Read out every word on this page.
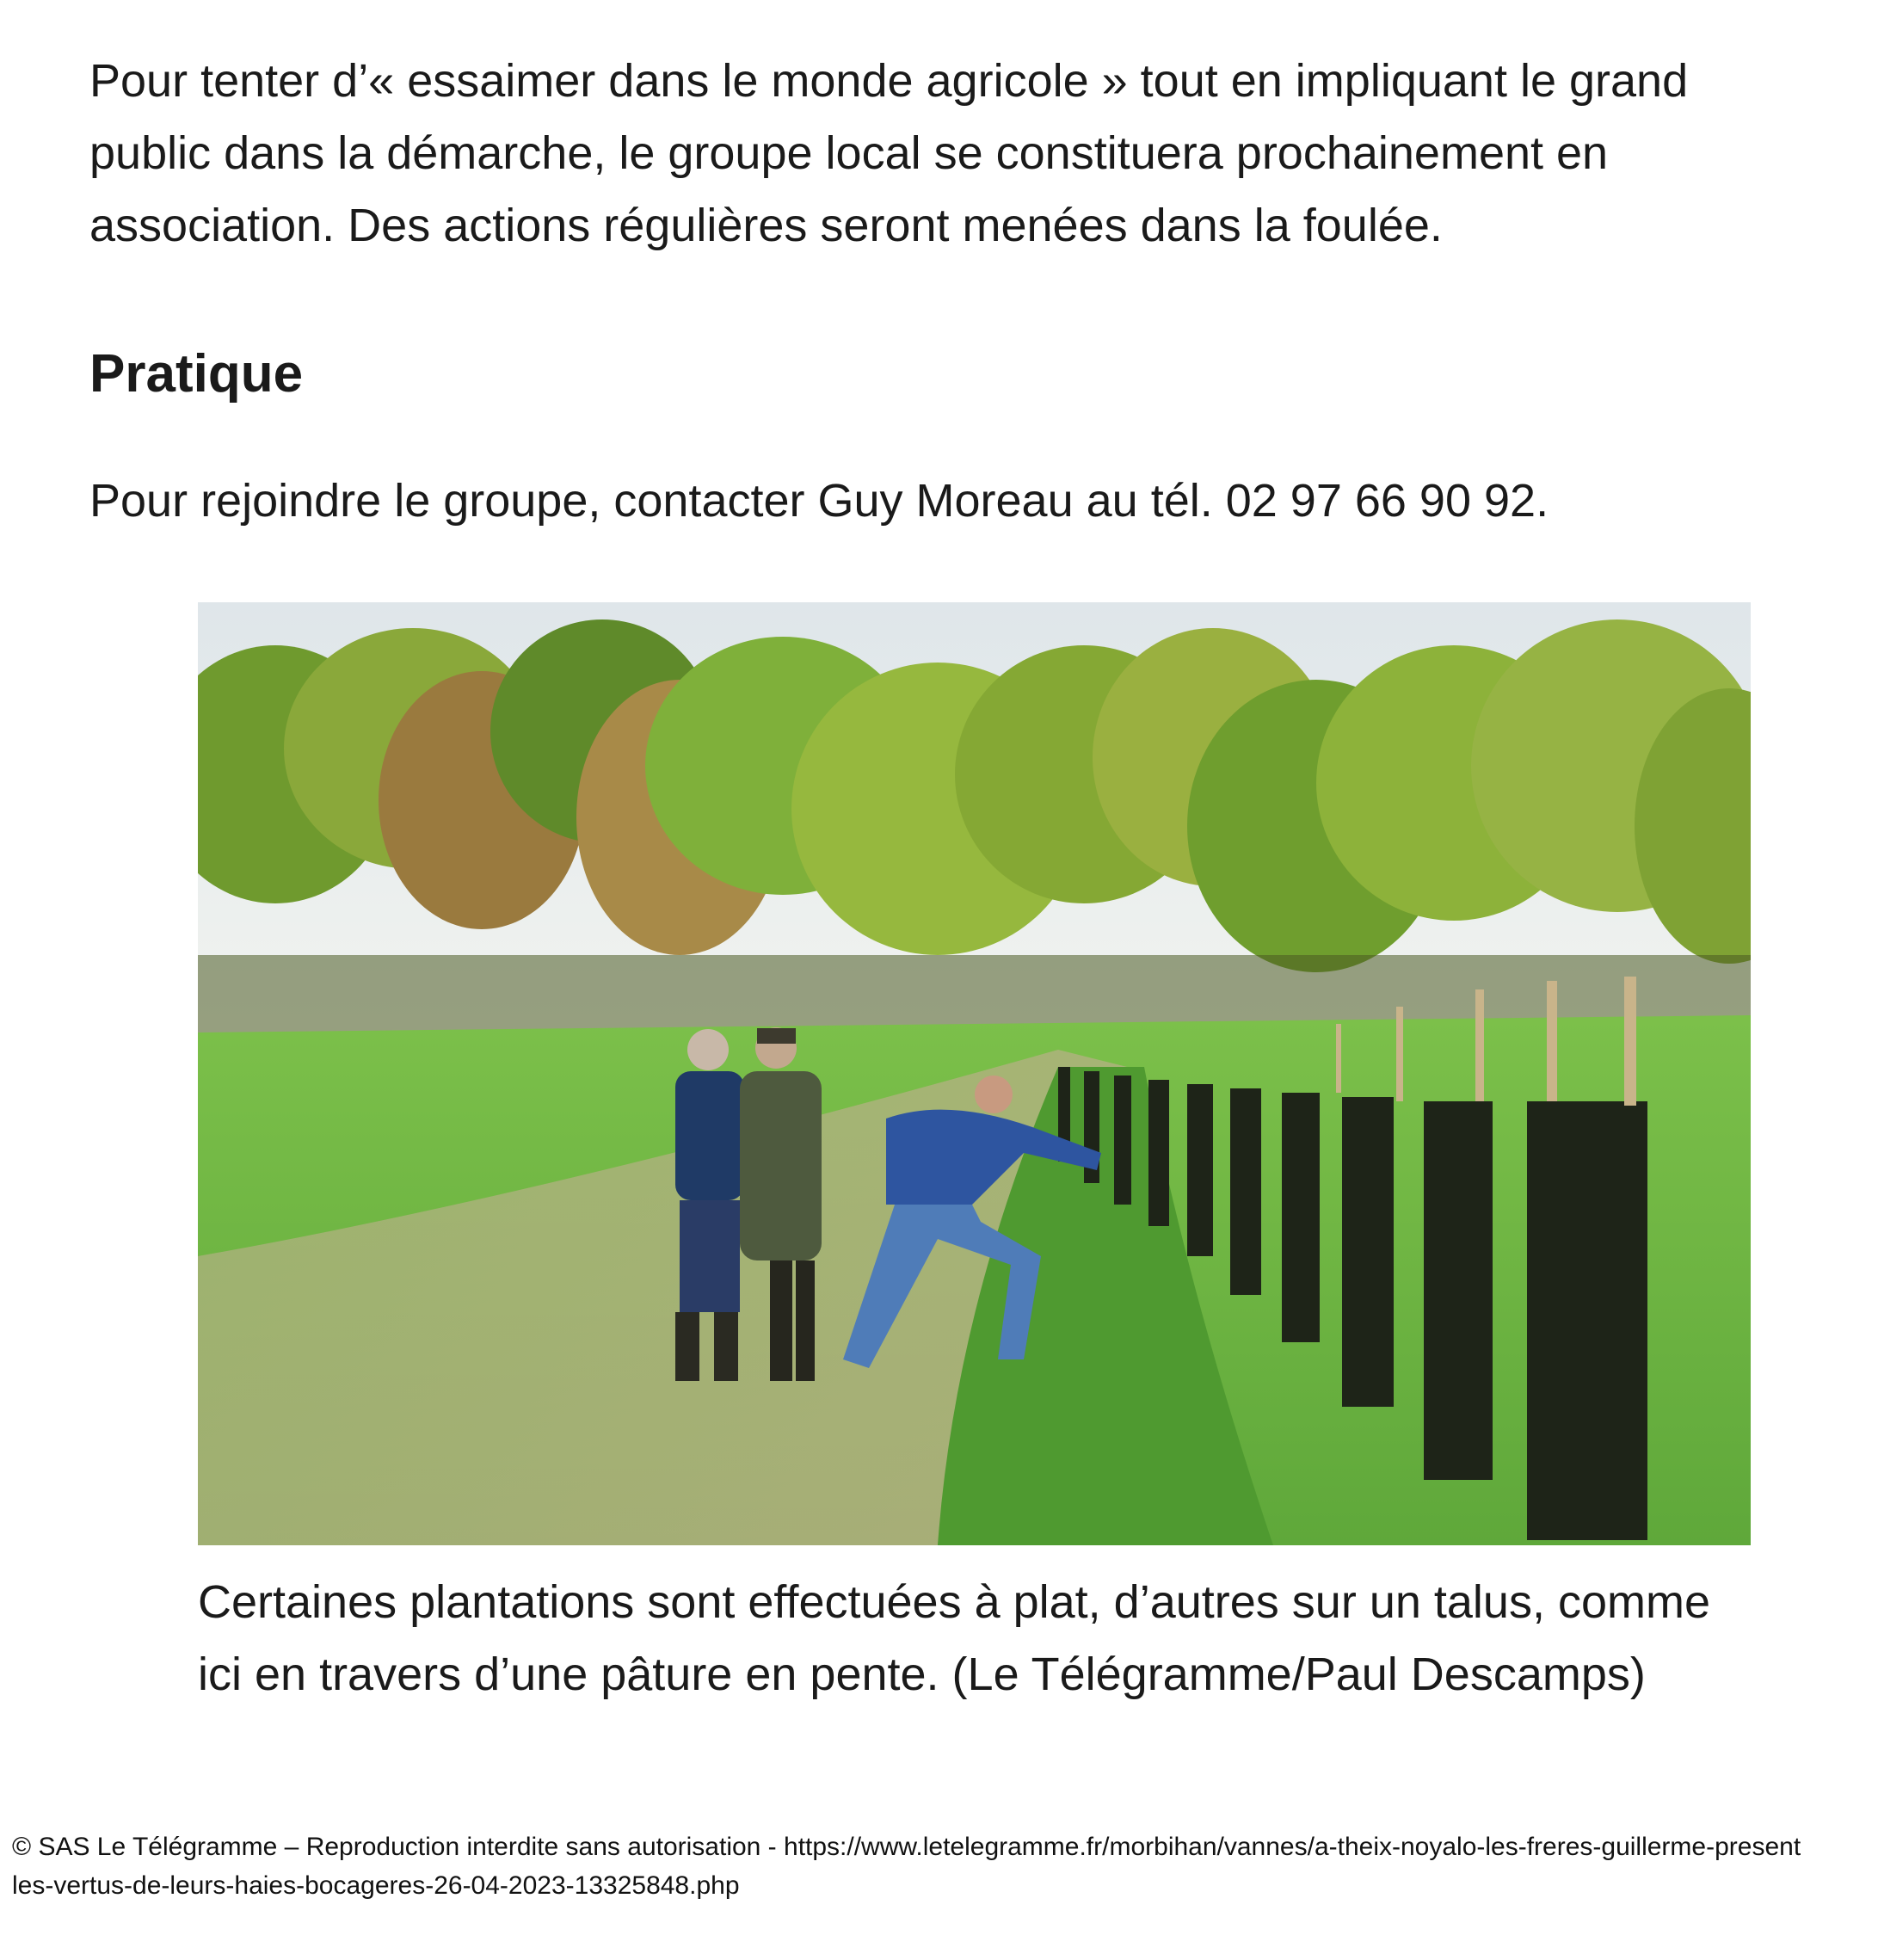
Pour tenter d’« essaimer dans le monde agricole » tout en impliquant le grand public dans la démarche, le groupe local se constituera prochainement en association. Des actions régulières seront menées dans la foulée.

Pratique

Pour rejoindre le groupe, contacter Guy Moreau au tél. 02 97 66 90 92.

Certaines plantations sont effectuées à plat, d’autres sur un talus, comme ici en travers d’une pâture en pente. (Le Télégramme/Paul Descamps)

© SAS Le Télégramme – Reproduction interdite sans autorisation - https://www.letelegramme.fr/morbihan/vannes/a-theix-noyalo-les-freres-guillerme-present
les-vertus-de-leurs-haies-bocageres-26-04-2023-13325848.php
